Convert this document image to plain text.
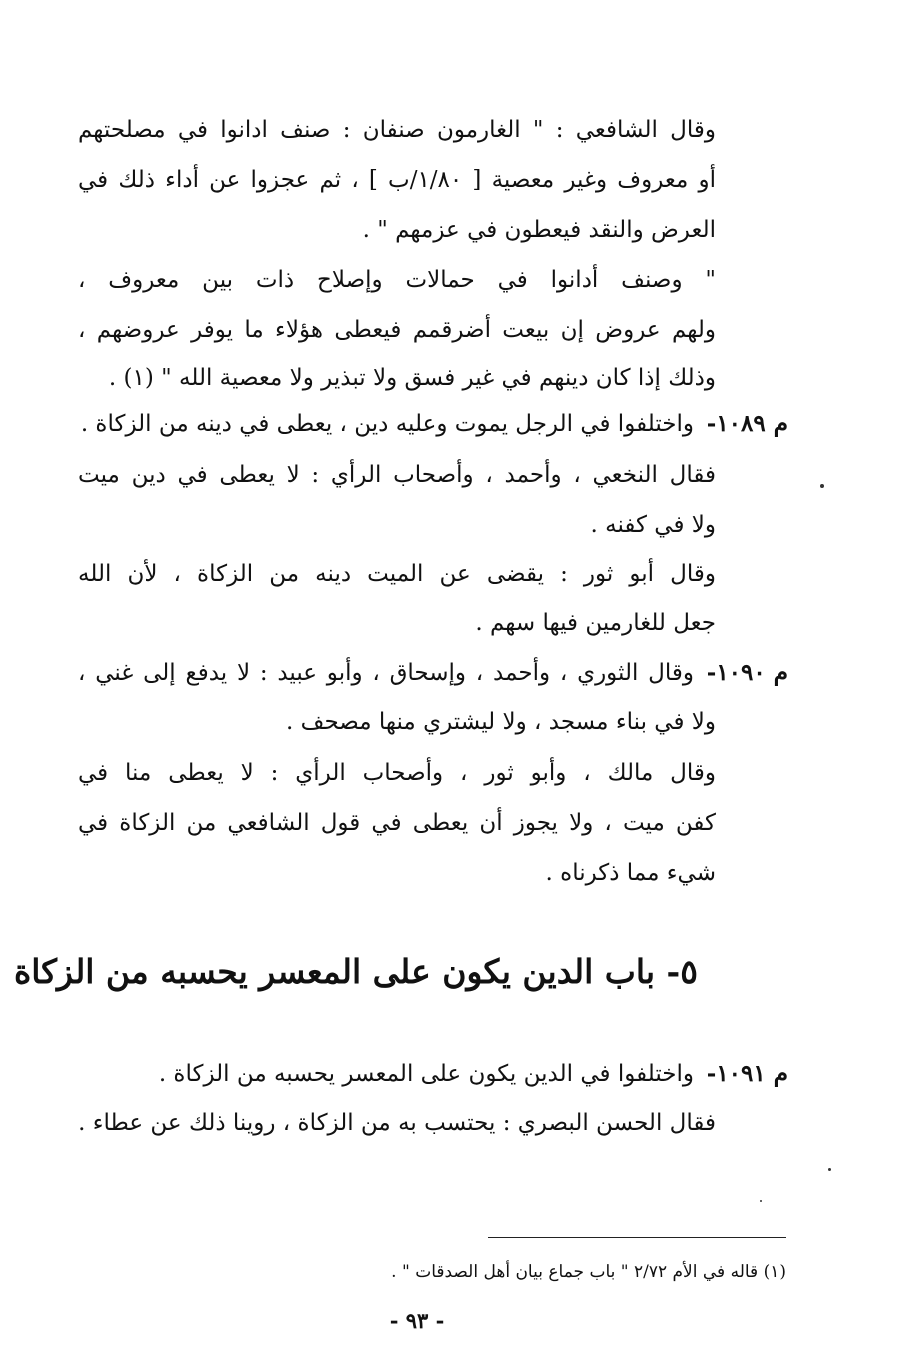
وقال الشافعي : " الغارمون صنفان : صنف ادانوا في مصلحتهم
أو معروف وغير معصية [ ١/٨٠/ب ] ، ثم عجزوا عن أداء ذلك في
العرض والنقد فيعطون في عزمهم " .
" وصنف أدانوا في حمالات وإصلاح ذات بين معروف ،
ولهم عروض إن بيعت أضرقمم فيعطى هؤلاء ما يوفر عروضهم ،
وذلك إذا كان دينهم في غير فسق ولا تبذير ولا معصية الله " (١) .
م ١٠٨٩-
واختلفوا في الرجل يموت وعليه دين ، يعطى في دينه من الزكاة .
فقال النخعي ، وأحمد ، وأصحاب الرأي : لا يعطى في دين ميت
ولا في كفنه .
وقال أبو ثور : يقضى عن الميت دينه من الزكاة ، لأن الله
جعل للغارمين فيها سهم .
م ١٠٩٠-
وقال الثوري ، وأحمد ، وإسحاق ، وأبو عبيد : لا يدفع إلى غني ،
ولا في بناء مسجد ، ولا ليشتري منها مصحف .
وقال مالك ، وأبو ثور ، وأصحاب الرأي : لا يعطى منا في
كفن ميت ، ولا يجوز أن يعطى في قول الشافعي من الزكاة في
شيء مما ذكرناه .
٥- باب الدين يكون على المعسر يحسبه من الزكاة
م ١٠٩١-
واختلفوا في الدين يكون على المعسر يحسبه من الزكاة .
فقال الحسن البصري : يحتسب به من الزكاة ، روينا ذلك عن عطاء .
(١) قاله في الأم ٢/٧٢ " باب جماع بيان أهل الصدقات " .
- ٩٣ -
